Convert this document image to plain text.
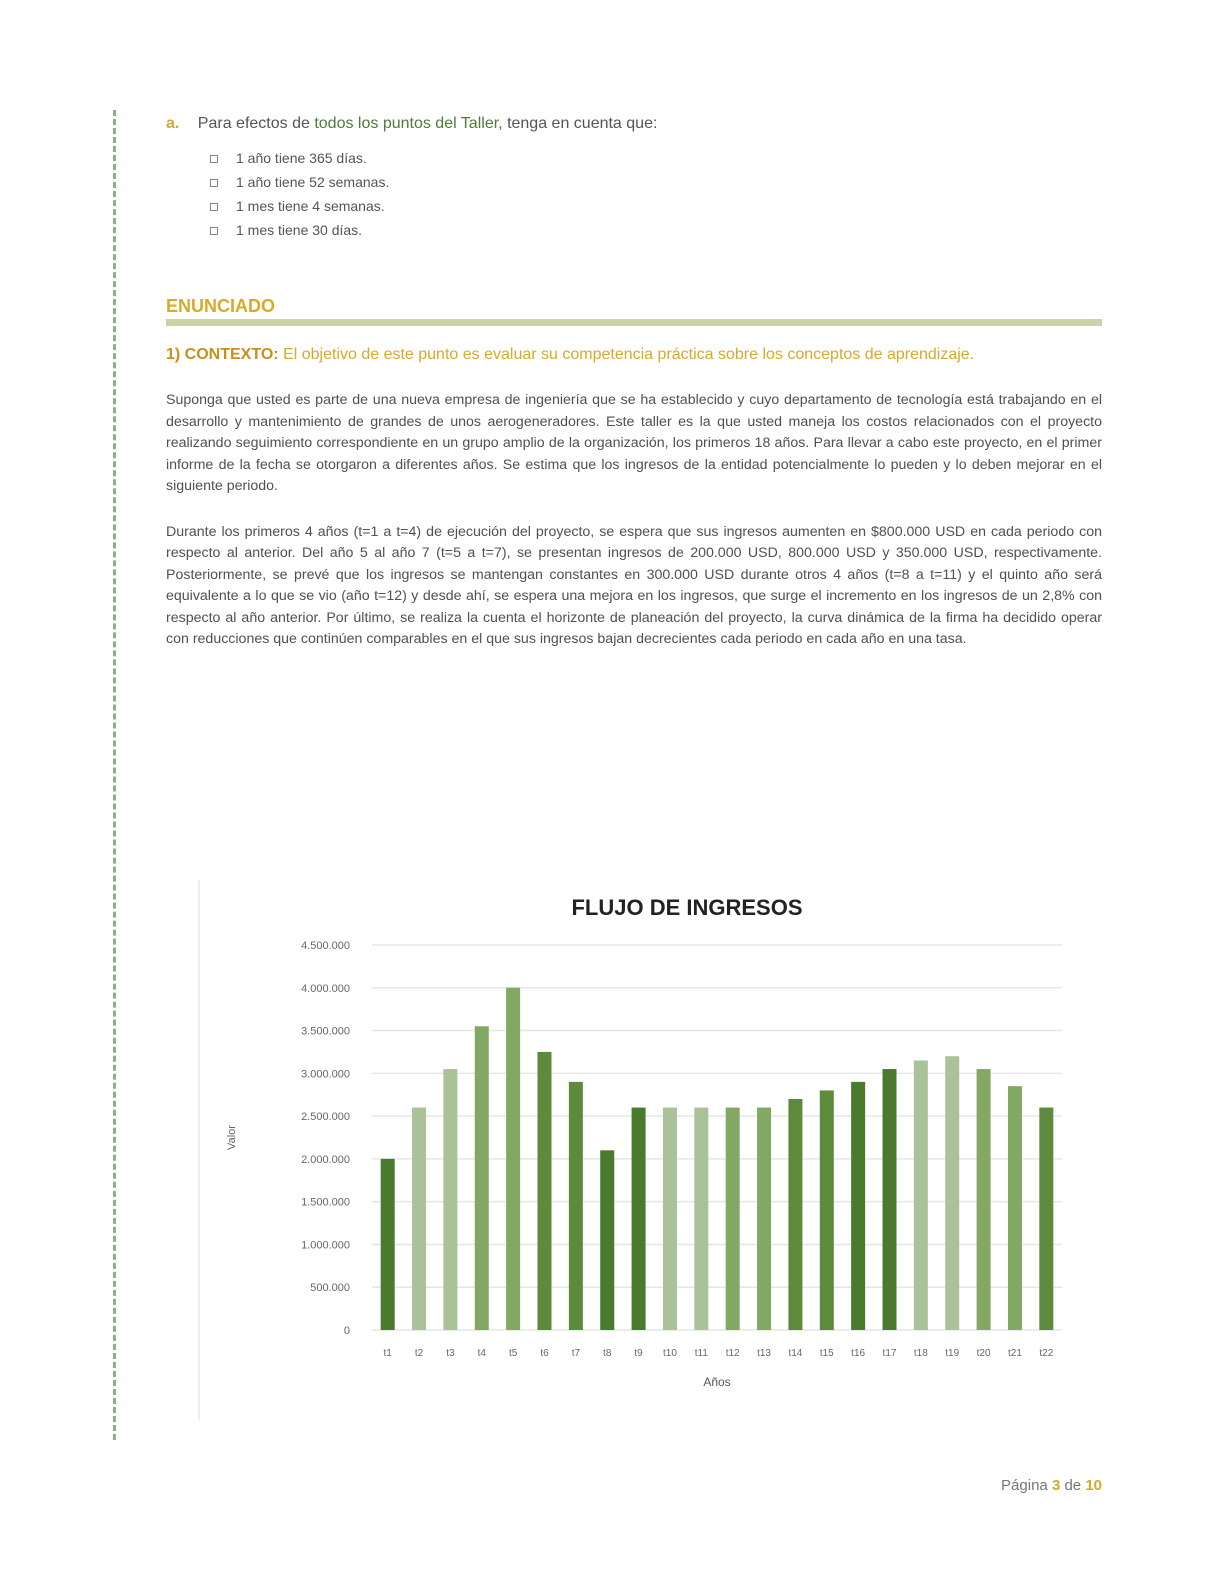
a. Para efectos de todos los puntos del Taller, tenga en cuenta que:
1 año tiene 365 días.
1 año tiene 52 semanas.
1 mes tiene 4 semanas.
1 mes tiene 30 días.
ENUNCIADO
1) CONTEXTO: El objetivo de este punto es evaluar su competencia práctica sobre los conceptos de aprendizaje.

Suponga que usted es parte de una nueva empresa de ingeniería que se ha establecido y cuyo departamento de tecnología está trabajando en el desarrollo y mantenimiento de grandes de unos aerogeneradores. Este taller es la que usted maneja los costos relacionados con el proyecto realizando seguimiento correspondiente en un grupo amplio de la organización, los primeros 18 años. Para llevar a cabo este proyecto, en el primer informe de la fecha se otorgaron a diferentes años. Se estima que los ingresos de la entidad potencialmente lo pueden y lo deben mejorar en el siguiente periodo.

Durante los primeros 4 años (t=1 a t=4) de ejecución del proyecto, se espera que sus ingresos aumenten en $800.000 USD en cada periodo con respecto al anterior. Del año 5 al año 7 (t=5 a t=7), se presentan ingresos de 200.000 USD, 800.000 USD y 350.000 USD, respectivamente. Posteriormente, se prevé que los ingresos se mantengan constantes en 300.000 USD durante otros 4 años (t=8 a t=11) y el quinto año será equivalente a lo que se vio (año t=12) y desde ahí, se espera una mejora en los ingresos, que surge el incremento en los ingresos de un 2,8% con respecto al año anterior. Por último, se realiza la cuenta el horizonte de planeación del proyecto, la curva dinámica de la firma ha decidido operar con reducciones que continúen comparables en el que sus ingresos bajan decrecientes cada periodo en cada año en una tasa.

FLUJO DE INGRESOS
0
500.000
1.000.000
1.500.000
2.000.000
2.500.000
3.000.000
3.500.000
4.000.000
4.500.000
Valor
t1 t2 t3 t4 t5 t6 t7 t8 t9 t10 t11 t12 t13 t14 t15 t16 t17 t18 t19 t20 t21 t22
Años
Página 3 de 10
